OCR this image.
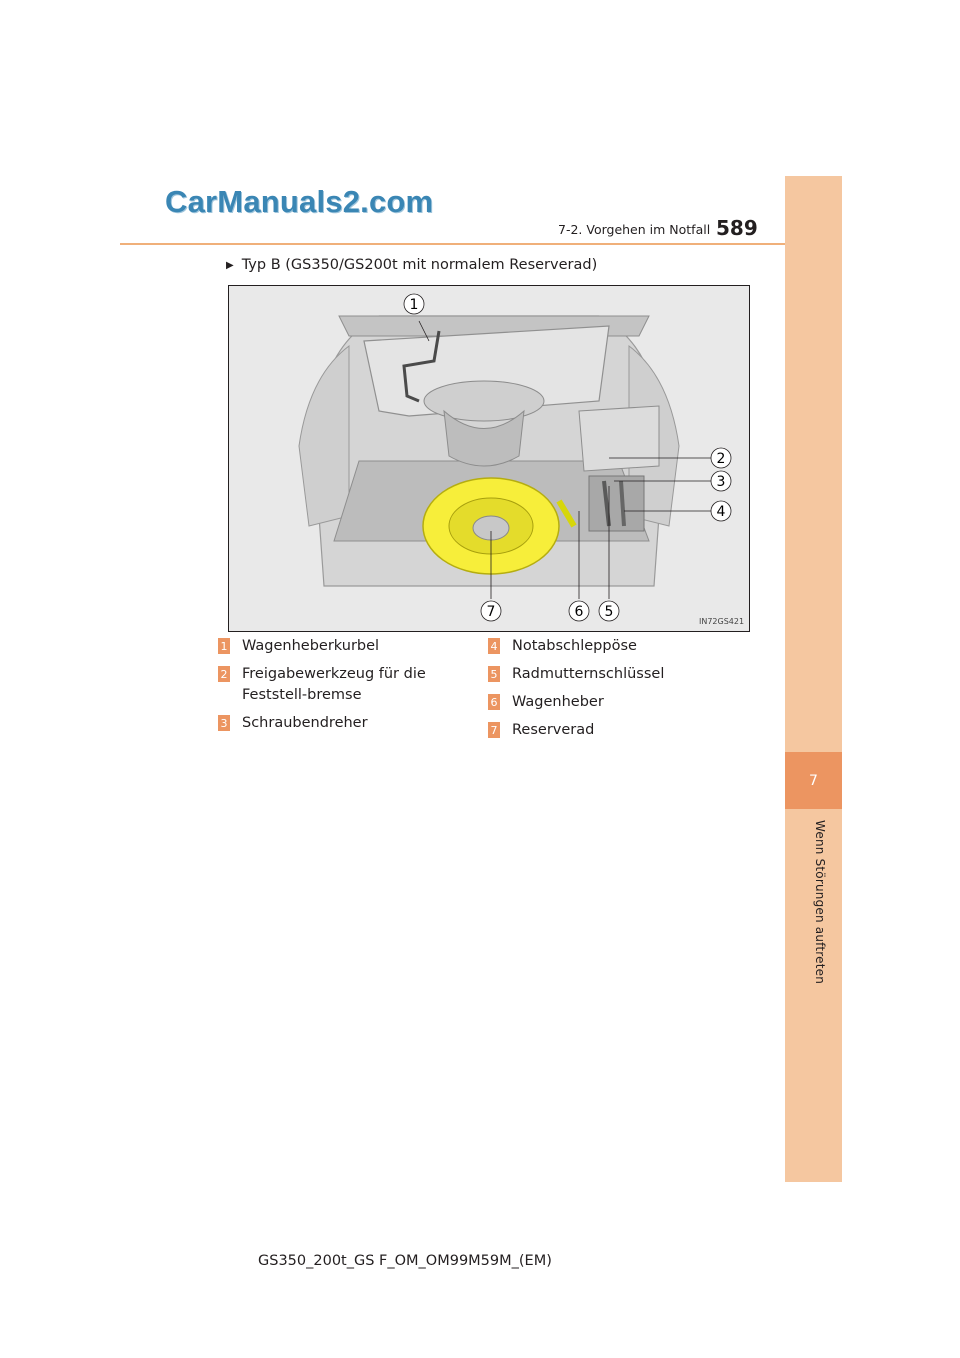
CarManuals2.com
589
7-2. Vorgehen im Notfall
7
Wenn Störungen auftreten
▶ Typ B (GS350/GS200t mit normalem Reserverad)
1
2
3
4
5
6
7
IN72GS421
1 Wagenheberkurbel
2 Freigabewerkzeug für die Feststell-bremse
3 Schraubendreher
4 Notabschleppöse
5 Radmutternschlüssel
6 Wagenheber
7 Reserverad
GS350_200t_GS F_OM_OM99M59M_(EM)
